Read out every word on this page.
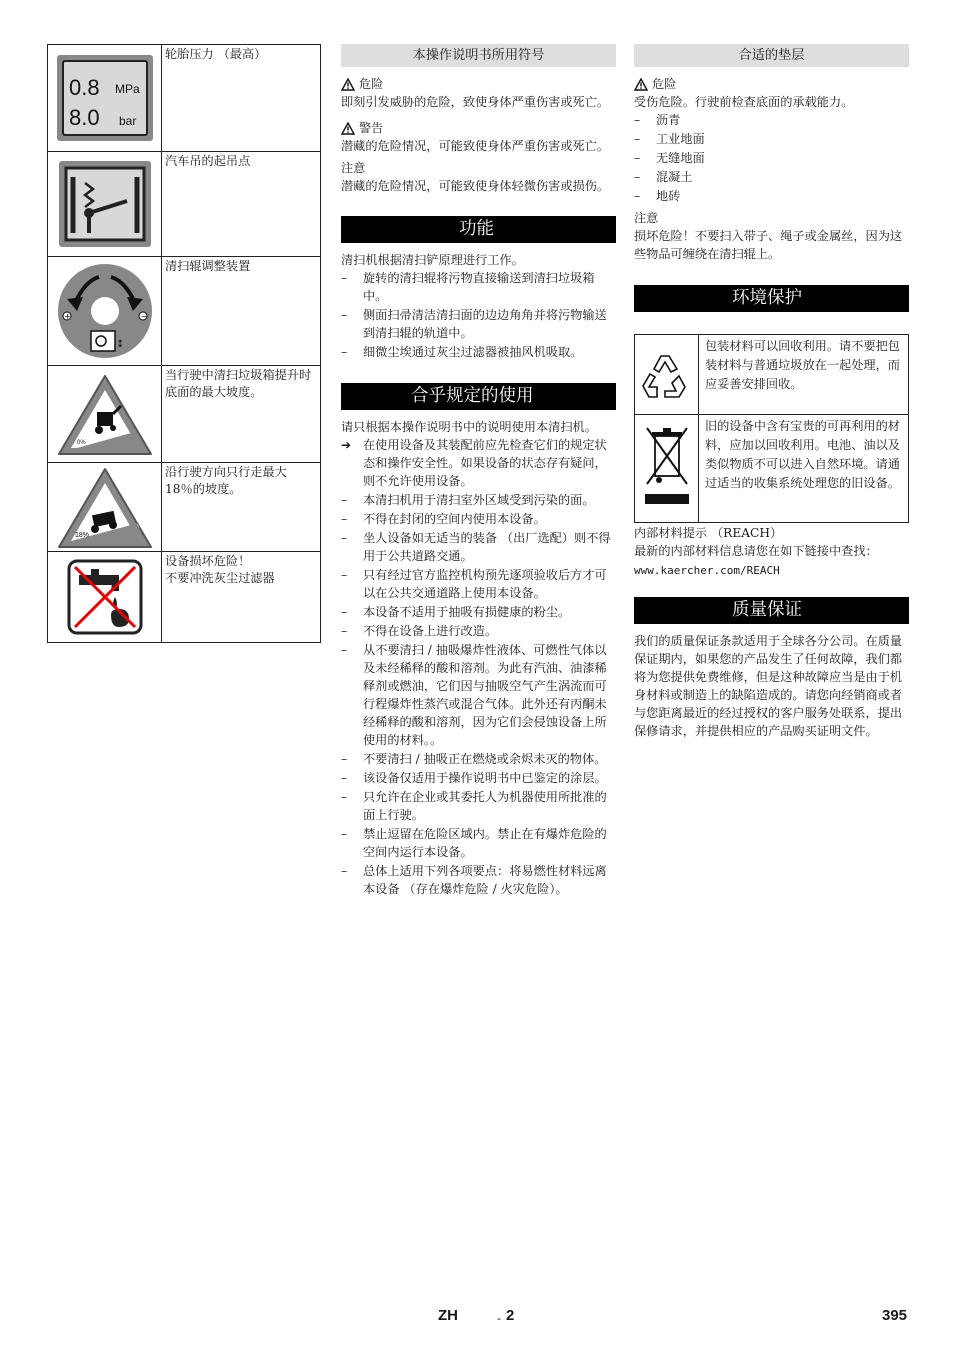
0.8 MPa
8.0 bar
轮胎压力 （最高）
汽车吊的起吊点
+	−
↕
清扫辊调整装置
0%
当行驶中清扫垃圾箱提升时底面的最大坡度。
18%
沿行驶方向只行走最大 18％的坡度。
设备损坏危险！
不要冲洗灰尘过滤器
本操作说明书所用符号
危险

即刻引发威胁的危险，致使身体严重伤害或死亡。

警告

潜藏的危险情况，可能致使身体严重伤害或死亡。

注意

潜藏的危险情况，可能致使身体轻微伤害或损伤。

功能

清扫机根据清扫铲原理进行工作。

–	旋转的清扫辊将污物直接输送到清扫垃圾箱中。
–	侧面扫帚清洁清扫面的边边角角并将污物输送到清扫辊的轨道中。
–	细微尘埃通过灰尘过滤器被抽风机吸取。
合乎规定的使用

请只根据本操作说明书中的说明使用本清扫机。

➔ 在使用设备及其装配前应先检查它们的规定状态和操作安全性。如果设备的状态存有疑问，则不允许使用设备。
–	本清扫机用于清扫室外区域受到污染的面。
–	不得在封闭的空间内使用本设备。
–	坐人设备如无适当的装备 （出厂选配）则不得用于公共道路交通。
–	只有经过官方监控机构预先逐项验收后方才可以在公共交通道路上使用本设备。
–	本设备不适用于抽吸有损健康的粉尘。
–	不得在设备上进行改造。
–	从不要清扫 / 抽吸爆炸性液体、可燃性气体以及未经稀释的酸和溶剂。为此有汽油、油漆稀释剂或燃油，它们因与抽吸空气产生涡流而可行程爆炸性蒸汽或混合气体。此外还有丙酮未经稀释的酸和溶剂，因为它们会侵蚀设备上所使用的材料。。
–	不要清扫 / 抽吸正在燃烧或余烬未灭的物体。
–	该设备仅适用于操作说明书中已鉴定的涂层。
–	只允许在企业或其委托人为机器使用所批准的面上行驶。
–	禁止逗留在危险区域内。禁止在有爆炸危险的空间内运行本设备。
–	总体上适用下列各项要点：将易燃性材料远离本设备 （存在爆炸危险 / 火灾危险）。
合适的垫层
危险

受伤危险。行驶前检查底面的承载能力。

–	沥青
–	工业地面
–	无缝地面
–	混凝土
–	地砖

注意

损坏危险！不要扫入带子、绳子或金属丝，因为这些物品可缠绕在清扫辊上。

环境保护
包装材料可以回收利用。请不要把包装材料与普通垃圾放在一起处理，而应妥善安排回收。
旧的设备中含有宝贵的可再利用的材料，应加以回收利用。电池、油以及类似物质不可以进入自然环境。请通过适当的收集系统处理您的旧设备。

内部材料提示 （REACH）

最新的内部材料信息请您在如下链接中查找：

www.kaercher.com/REACH

质量保证

我们的质量保证条款适用于全球各分公司。在质量保证期内，如果您的产品发生了任何故障，我们都将为您提供免费维修，但是这种故障应当是由于机身材料或制造上的缺陷造成的。请您向经销商或者与您距离最近的经过授权的客户服务处联系，提出保修请求，并提供相应的产品购买证明文件。

ZH	- 2	395
